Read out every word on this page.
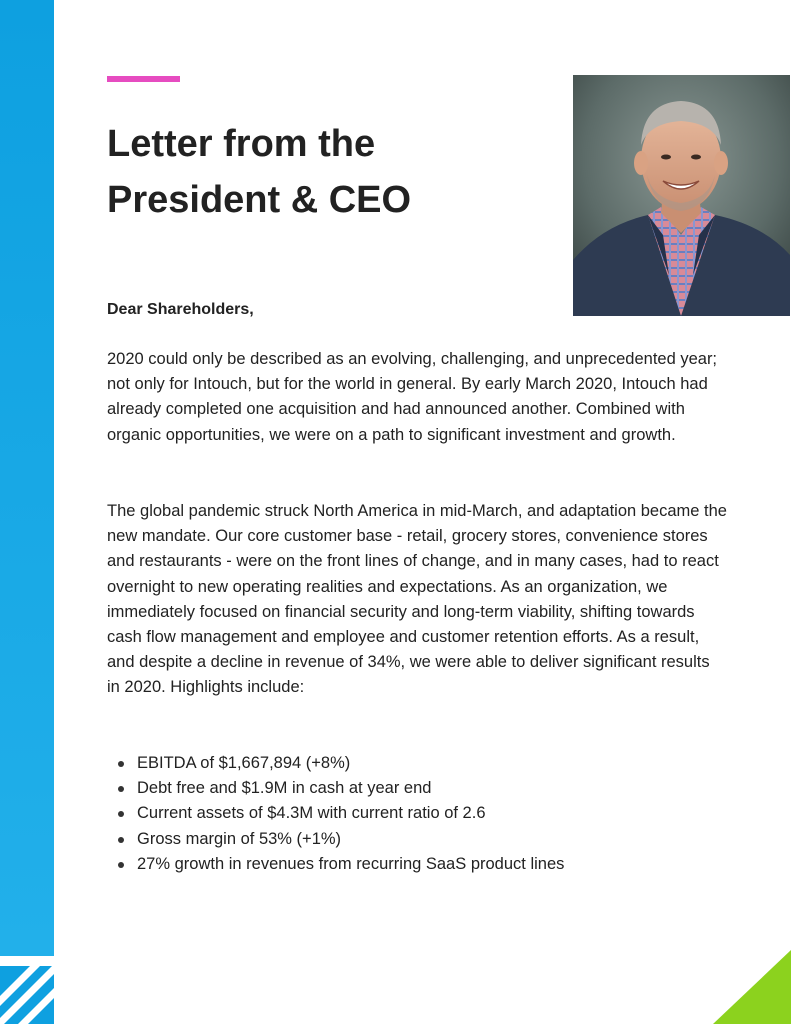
Letter from the
President & CEO

Dear Shareholders,

2020 could only be described as an evolving, challenging, and unprecedented year; not only for Intouch, but for the world in general. By early March 2020, Intouch had already completed one acquisition and had announced another. Combined with organic opportunities, we were on a path to significant investment and growth.

The global pandemic struck North America in mid-March, and adaptation became the new mandate. Our core customer base - retail, grocery stores, convenience stores and restaurants - were on the front lines of change, and in many cases, had to react overnight to new operating realities and expectations. As an organization, we immediately focused on financial security and long-term viability, shifting towards cash flow management and employee and customer retention efforts. As a result, and despite a decline in revenue of 34%, we were able to deliver significant results in 2020. Highlights include:

EBITDA of $1,667,894 (+8%)
Debt free and $1.9M in cash at year end
Current assets of $4.3M with current ratio of 2.6
Gross margin of 53% (+1%)
27% growth in revenues from recurring SaaS product lines
